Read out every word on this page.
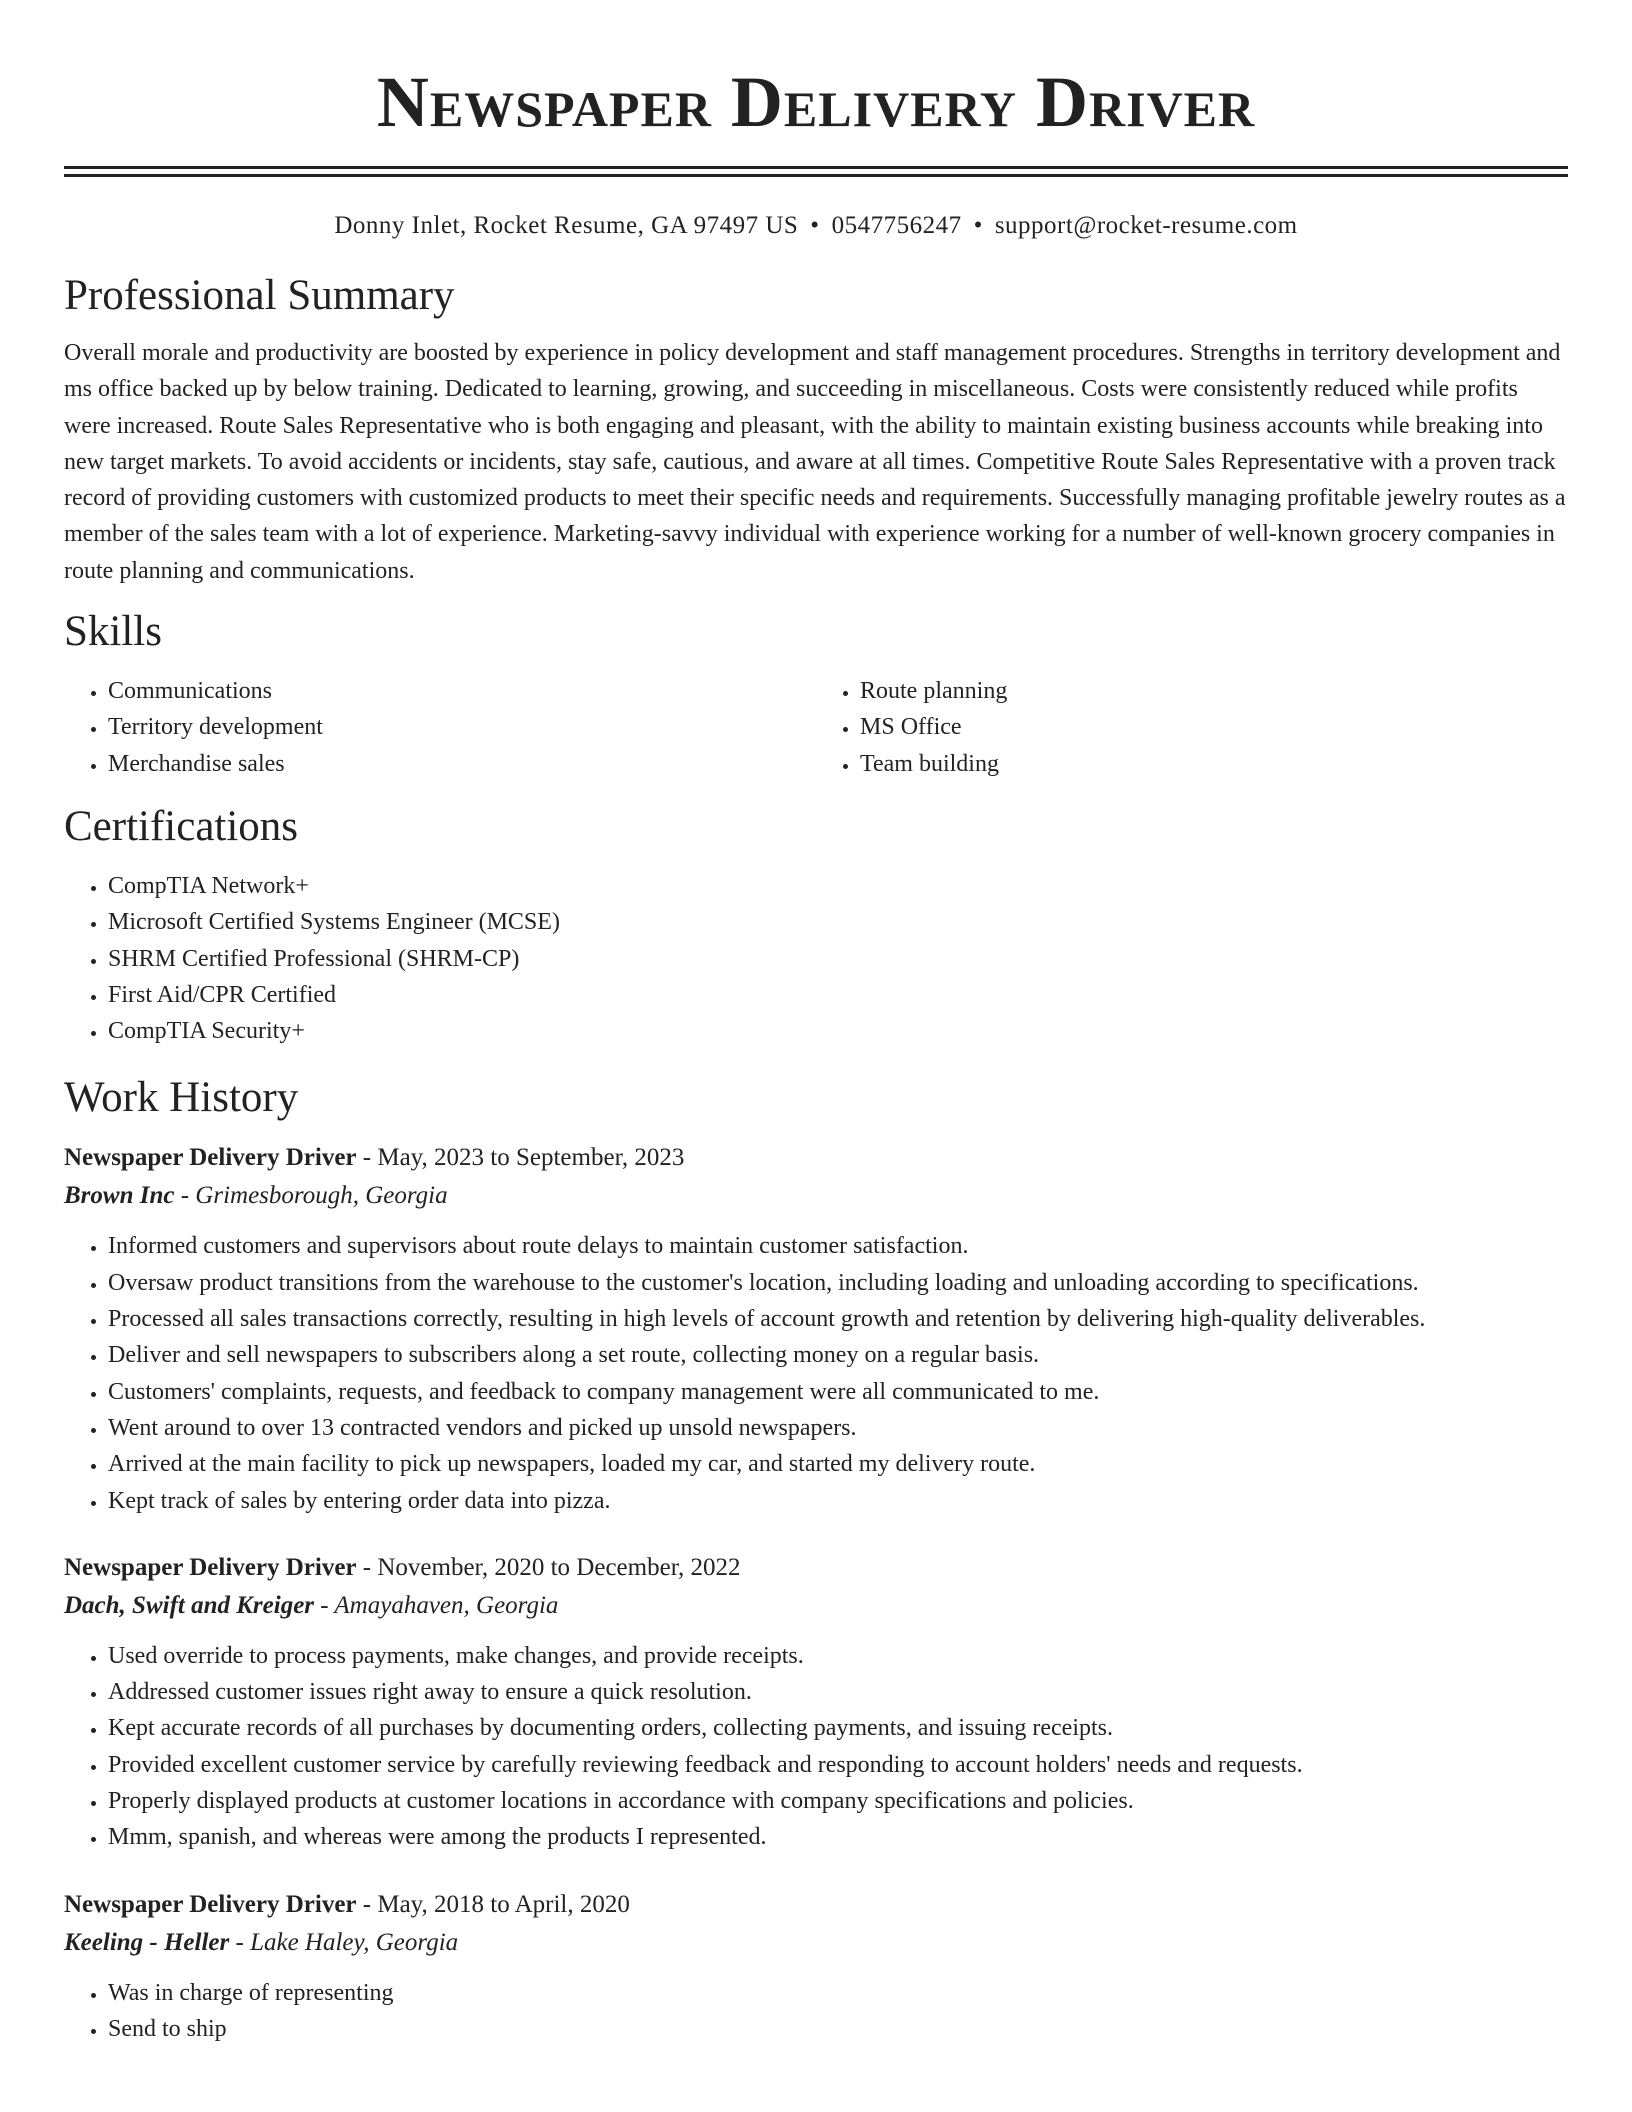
Newspaper Delivery Driver
Donny Inlet, Rocket Resume, GA 97497 US • 0547756247 • support@rocket-resume.com
Professional Summary

Overall morale and productivity are boosted by experience in policy development and staff management procedures. Strengths in territory development and ms office backed up by below training. Dedicated to learning, growing, and succeeding in miscellaneous. Costs were consistently reduced while profits were increased. Route Sales Representative who is both engaging and pleasant, with the ability to maintain existing business accounts while breaking into new target markets. To avoid accidents or incidents, stay safe, cautious, and aware at all times. Competitive Route Sales Representative with a proven track record of providing customers with customized products to meet their specific needs and requirements. Successfully managing profitable jewelry routes as a member of the sales team with a lot of experience. Marketing-savvy individual with experience working for a number of well-known grocery companies in route planning and communications.

Skills
• Communications
• Territory development
• Merchandise sales
• Route planning
• MS Office
• Team building
Certifications
• CompTIA Network+
• Microsoft Certified Systems Engineer (MCSE)
• SHRM Certified Professional (SHRM-CP)
• First Aid/CPR Certified
• CompTIA Security+
Work History
Newspaper Delivery Driver - May, 2023 to September, 2023
Brown Inc - Grimesborough, Georgia
• Informed customers and supervisors about route delays to maintain customer satisfaction.
• Oversaw product transitions from the warehouse to the customer's location, including loading and unloading according to specifications.
• Processed all sales transactions correctly, resulting in high levels of account growth and retention by delivering high-quality deliverables.
• Deliver and sell newspapers to subscribers along a set route, collecting money on a regular basis.
• Customers' complaints, requests, and feedback to company management were all communicated to me.
• Went around to over 13 contracted vendors and picked up unsold newspapers.
• Arrived at the main facility to pick up newspapers, loaded my car, and started my delivery route.
• Kept track of sales by entering order data into pizza.
Newspaper Delivery Driver - November, 2020 to December, 2022
Dach, Swift and Kreiger - Amayahaven, Georgia
• Used override to process payments, make changes, and provide receipts.
• Addressed customer issues right away to ensure a quick resolution.
• Kept accurate records of all purchases by documenting orders, collecting payments, and issuing receipts.
• Provided excellent customer service by carefully reviewing feedback and responding to account holders' needs and requests.
• Properly displayed products at customer locations in accordance with company specifications and policies.
• Mmm, spanish, and whereas were among the products I represented.
Newspaper Delivery Driver - May, 2018 to April, 2020
Keeling - Heller - Lake Haley, Georgia
• Was in charge of representing
• Send to ship
